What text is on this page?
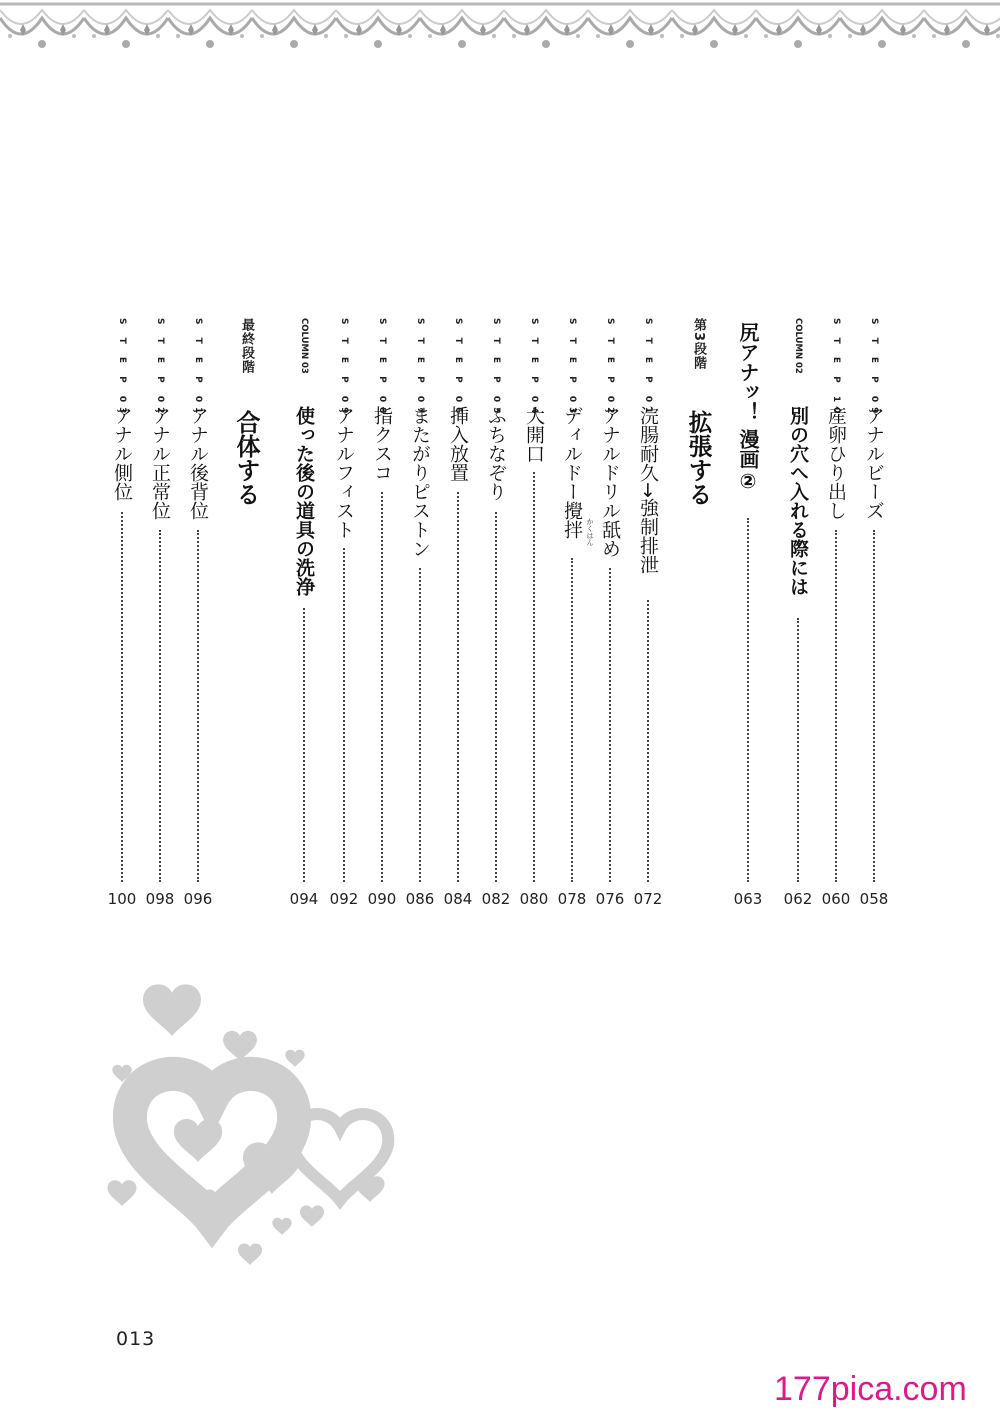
S T E P 09
アナルビーズ
058
S T E P 10
産卵ひり出し
060
COLUMN 02
別の穴へ入れる際には
062
尻アナッ！ 漫画②
063
第3段階
拡張する
S T E P 01
浣腸耐久→強制排泄
072
S T E P 02
アナルドリル舐め
076
S T E P 03
ディルドー攪拌 かくはん
078
S T E P 04
大開口
080
S T E P 05
ふちなぞり
082
S T E P 06
挿入放置
084
S T E P 07
またがりピストン
086
S T E P 08
指クスコ
090
S T E P 09
アナルフィスト
092
COLUMN 03
使った後の道具の洗浄
094
最終段階
合体する
S T E P 01
アナル後背位
096
S T E P 02
アナル正常位
098
S T E P 03
アナル側位
100
013
177pica.com
